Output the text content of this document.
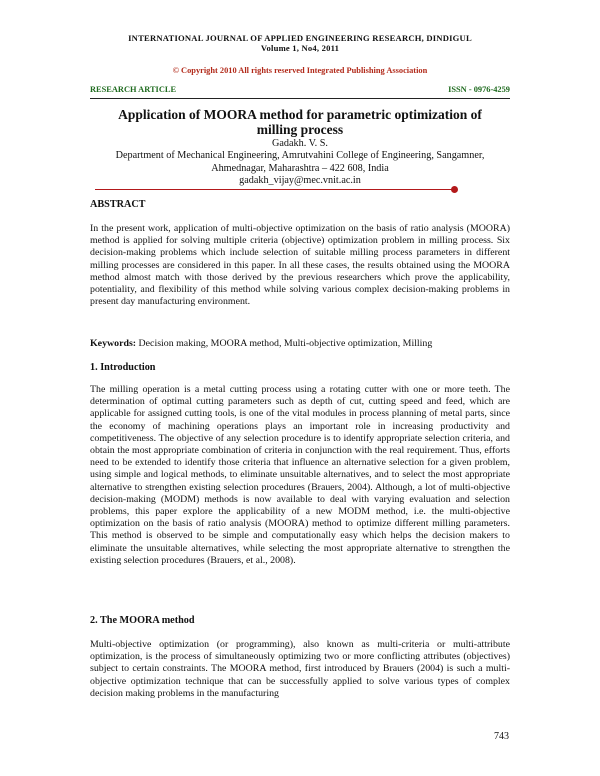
INTERNATIONAL JOURNAL OF APPLIED ENGINEERING RESEARCH, DINDIGUL
Volume 1, No4, 2011
© Copyright 2010 All rights reserved Integrated Publishing Association
RESEARCH ARTICLE	ISSN - 0976-4259
Application of MOORA method for parametric optimization of milling process
Gadakh. V. S.
Department of Mechanical Engineering, Amrutvahini College of Engineering, Sangamner,
Ahmednagar, Maharashtra – 422 608, India
gadakh_vijay@mec.vnit.ac.in
ABSTRACT
In the present work, application of multi-objective optimization on the basis of ratio analysis (MOORA) method is applied for solving multiple criteria (objective) optimization problem in milling process. Six decision-making problems which include selection of suitable milling process parameters in different milling processes are considered in this paper. In all these cases, the results obtained using the MOORA method almost match with those derived by the previous researchers which prove the applicability, potentiality, and flexibility of this method while solving various complex decision-making problems in present day manufacturing environment.
Keywords: Decision making, MOORA method, Multi-objective optimization, Milling
1. Introduction
The milling operation is a metal cutting process using a rotating cutter with one or more teeth. The determination of optimal cutting parameters such as depth of cut, cutting speed and feed, which are applicable for assigned cutting tools, is one of the vital modules in process planning of metal parts, since the economy of machining operations plays an important role in increasing productivity and competitiveness. The objective of any selection procedure is to identify appropriate selection criteria, and obtain the most appropriate combination of criteria in conjunction with the real requirement. Thus, efforts need to be extended to identify those criteria that influence an alternative selection for a given problem, using simple and logical methods, to eliminate unsuitable alternatives, and to select the most appropriate alternative to strengthen existing selection procedures (Brauers, 2004). Although, a lot of multi-objective decision-making (MODM) methods is now available to deal with varying evaluation and selection problems, this paper explore the applicability of a new MODM method, i.e. the multi-objective optimization on the basis of ratio analysis (MOORA) method to optimize different milling parameters. This method is observed to be simple and computationally easy which helps the decision makers to eliminate the unsuitable alternatives, while selecting the most appropriate alternative to strengthen the existing selection procedures (Brauers, et al., 2008).
2. The MOORA method
Multi-objective optimization (or programming), also known as multi-criteria or multi-attribute optimization, is the process of simultaneously optimizing two or more conflicting attributes (objectives) subject to certain constraints. The MOORA method, first introduced by Brauers (2004) is such a multi-objective optimization technique that can be successfully applied to solve various types of complex decision making problems in the manufacturing
743
